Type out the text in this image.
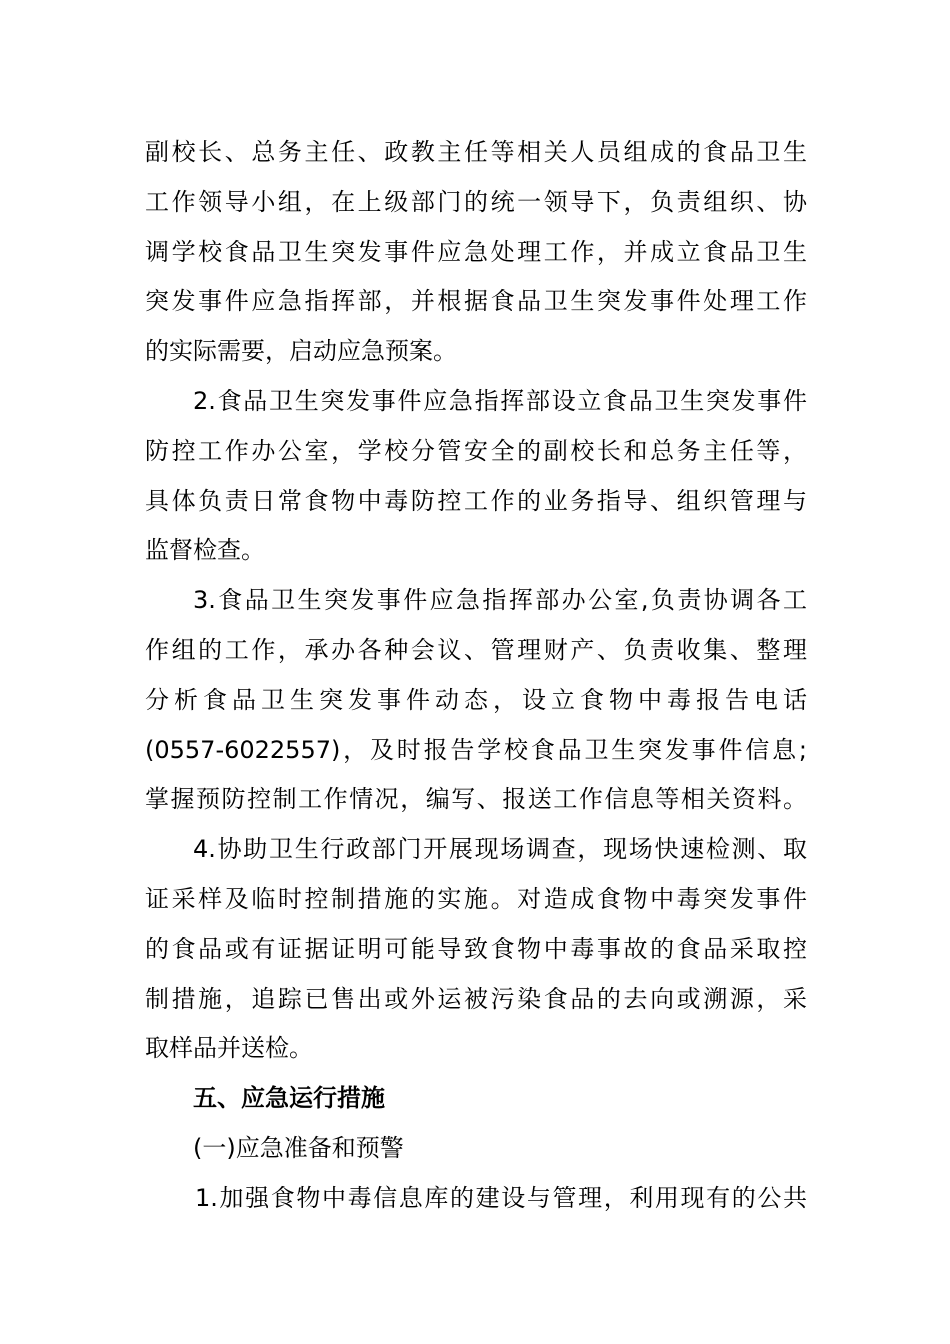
副校长、总务主任、政教主任等相关人员组成的食品卫生
工作领导小组，在上级部门的统一领导下，负责组织、协
调学校食品卫生突发事件应急处理工作，并成立食品卫生
突发事件应急指挥部，并根据食品卫生突发事件处理工作
的实际需要，启动应急预案。
2.食品卫生突发事件应急指挥部设立食品卫生突发事件
防控工作办公室，学校分管安全的副校长和总务主任等，
具体负责日常食物中毒防控工作的业务指导、组织管理与
监督检查。
3.食品卫生突发事件应急指挥部办公室,负责协调各工
作组的工作，承办各种会议、管理财产、负责收集、整理
分析食品卫生突发事件动态，设立食物中毒报告电话
(0557-6022557)，及时报告学校食品卫生突发事件信息;
掌握预防控制工作情况，编写、报送工作信息等相关资料。
4.协助卫生行政部门开展现场调查，现场快速检测、取
证采样及临时控制措施的实施。对造成食物中毒突发事件
的食品或有证据证明可能导致食物中毒事故的食品采取控
制措施，追踪已售出或外运被污染食品的去向或溯源，采
取样品并送检。
五、应急运行措施
(一)应急准备和预警
1.加强食物中毒信息库的建设与管理，利用现有的公共
